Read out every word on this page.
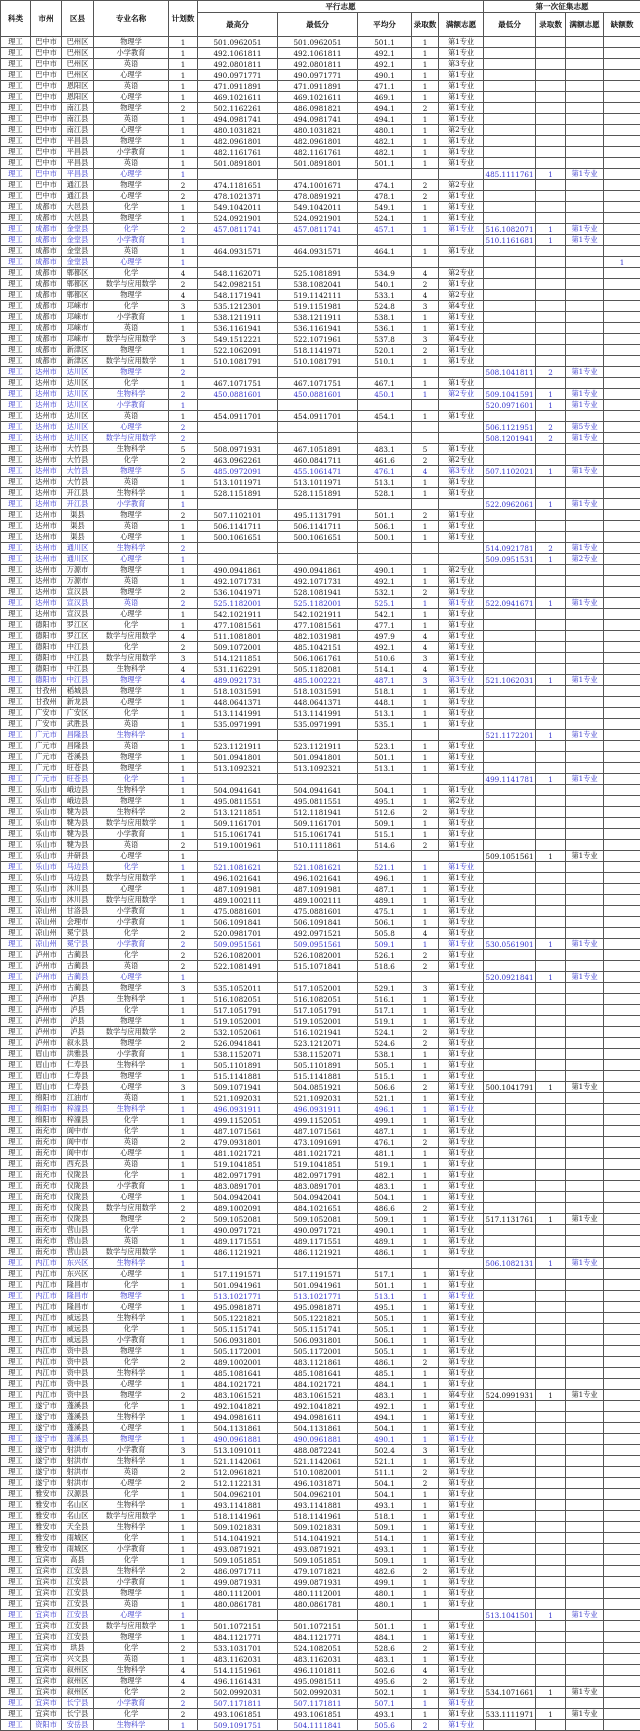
科类	市州	区县	专业名称	计划数	平行志愿					第一次征集志愿			
					最高分	最低分	平均分	录取数	满额志愿	最低分	录取数	满额志愿	缺额数
理工	巴中市	巴州区	物理学	1	501.0962051	501.0962051	501.1	1	第1专业				
理工	巴中市	巴州区	小学教育	1	492.1061811	492.1061811	492.1	1	第1专业				
理工	巴中市	巴州区	英语	1	492.0801811	492.0801811	492.1	1	第3专业				
理工	巴中市	巴州区	心理学	1	490.0971771	490.0971771	490.1	1	第1专业				
理工	巴中市	恩阳区	英语	1	471.0911891	471.0911891	471.1	1	第1专业				
理工	巴中市	恩阳区	心理学	1	469.1021611	469.1021611	469.1	1	第1专业				
理工	巴中市	南江县	物理学	2	502.1162261	486.0981821	494.1	2	第1专业				
理工	巴中市	南江县	英语	1	494.0981741	494.0981741	494.1	1	第1专业				
理工	巴中市	南江县	心理学	1	480.1031821	480.1031821	480.1	1	第2专业				
理工	巴中市	平昌县	物理学	1	482.0961801	482.0961801	482.1	1	第1专业				
理工	巴中市	平昌县	小学教育	1	482.1161761	482.1161761	482.1	1	第1专业				
理工	巴中市	平昌县	英语	1	501.0891801	501.0891801	501.1	1	第1专业				
理工	巴中市	平昌县	心理学	1						485.1111761	1	第1专业	
理工	巴中市	通江县	物理学	2	474.1181651	474.1001671	474.1	2	第2专业				
理工	巴中市	通江县	心理学	2	478.1021371	478.0891921	478.1	2	第1专业				
理工	成都市	大邑县	化学	1	549.1042011	549.1042011	549.1	1	第1专业				
理工	成都市	大邑县	物理学	1	524.0921901	524.0921901	524.1	1	第1专业				
理工	成都市	金堂县	化学	2	457.0811741	457.0811741	457.1	1	第1专业	516.1082071	1	第1专业	
理工	成都市	金堂县	小学教育	1						510.1161681	1	第1专业	
理工	成都市	金堂县	英语	1	464.0931571	464.0931571	464.1	1	第1专业				
理工	成都市	金堂县	心理学	1									1
理工	成都市	郫都区	化学	4	548.1162071	525.1081891	534.9	4	第2专业				
理工	成都市	郫都区	数学与应用数学	2	542.0982151	538.1082041	540.1	2	第1专业				
理工	成都市	郫都区	物理学	4	548.1171941	519.1142111	533.1	4	第2专业				
理工	成都市	邛崃市	化学	3	535.1212301	519.1151981	524.8	3	第4专业				
理工	成都市	邛崃市	小学教育	1	538.1211911	538.1211911	538.1	1	第1专业				
理工	成都市	邛崃市	英语	1	536.1161941	536.1161941	536.1	1	第1专业				
理工	成都市	邛崃市	数学与应用数学	3	549.1512221	522.1071961	537.8	3	第4专业				
理工	成都市	新津区	物理学	1	522.1062091	518.1141971	520.1	2	第1专业				
理工	成都市	新津区	数学与应用数学	1	510.1081791	510.1081791	510.1	1	第1专业				
理工	达州市	达川区	物理学	2						508.1041811	2	第1专业	
理工	达州市	达川区	化学	1	467.1071751	467.1071751	467.1	1	第1专业				
理工	达州市	达川区	生物科学	2	450.0881601	450.0881601	450.1	1	第2专业	509.1041591	1	第1专业	
理工	达州市	达川区	小学教育	1						520.0971601	1	第1专业	
理工	达州市	达川区	英语	1	454.0911701	454.0911701	454.1	1	第1专业				
理工	达州市	达川区	心理学	2						506.1121951	2	第5专业	
理工	达州市	达川区	数学与应用数学	2						508.1201941	2	第1专业	
理工	达州市	大竹县	生物科学	5	508.0971931	467.1051891	483.1	5	第1专业				
理工	达州市	大竹县	化学	2	463.0962261	460.0841711	461.6	2	第2专业				
理工	达州市	大竹县	物理学	5	485.0972091	455.1061471	476.1	4	第3专业	507.1102021	1	第1专业	
理工	达州市	大竹县	英语	1	513.1011971	513.1011971	513.1	1	第1专业				
理工	达州市	开江县	生物科学	1	528.1151891	528.1151891	528.1	1	第1专业				
理工	达州市	开江县	小学教育	1						522.0962061	1	第1专业	
理工	达州市	渠县	物理学	2	507.1102101	495.1131791	501.1	2	第1专业				
理工	达州市	渠县	英语	1	506.1141711	506.1141711	506.1	1	第1专业				
理工	达州市	渠县	心理学	1	500.1061651	500.1061651	500.1	1	第1专业				
理工	达州市	通川区	生物科学	2						514.0921781	2	第1专业	
理工	达州市	通川区	心理学	1						509.0951531	1	第2专业	
理工	达州市	万源市	物理学	1	490.0941861	490.0941861	490.1	1	第2专业				
理工	达州市	万源市	英语	1	492.1071731	492.1071731	492.1	1	第1专业				
理工	达州市	宣汉县	物理学	2	536.1041971	528.1081941	532.1	2	第1专业				
理工	达州市	宣汉县	英语	2	525.1182001	525.1182001	525.1	1	第1专业	522.0941671	1	第1专业	
理工	达州市	宣汉县	心理学	1	542.1021911	542.1021911	542.1	1	第1专业				
理工	德阳市	罗江区	化学	1	477.1081561	477.1081561	477.1	1	第1专业				
理工	德阳市	罗江区	数学与应用数学	4	511.1081801	482.1031981	497.9	4	第1专业				
理工	德阳市	中江县	化学	2	509.1072001	485.1042151	492.1	4	第1专业				
理工	德阳市	中江县	数学与应用数学	3	514.1211851	506.1061761	510.6	3	第1专业				
理工	德阳市	中江县	生物科学	4	531.1162291	505.1182081	514.1	4	第1专业				
理工	德阳市	中江县	物理学	4	489.0921731	485.1002221	487.1	3	第3专业	521.1062031	1	第1专业	
理工	甘孜州	稻城县	物理学	1	518.1031591	518.1031591	518.1	1	第1专业				
理工	甘孜州	新龙县	心理学	1	448.0641371	448.0641371	448.1	1	第1专业				
理工	广安市	广安区	化学	1	513.1141991	513.1141991	513.1	1	第1专业				
理工	广安市	武胜县	英语	1	535.0971991	535.0971991	535.1	1	第1专业				
理工	广元市	昌隆县	生物科学	1						521.1172201	1	第1专业	
理工	广元市	昌隆县	英语	1	523.1121911	523.1121911	523.1	1	第1专业				
理工	广元市	苍溪县	物理学	1	501.0941801	501.0941801	501.1	1	第1专业				
理工	广元市	旺苍县	物理学	1	513.1092321	513.1092321	513.1	1	第1专业				
理工	广元市	旺苍县	化学	1						499.1141781	1	第1专业	
理工	乐山市	峨边县	生物科学	1	504.0941641	504.0941641	504.1	1	第1专业				
理工	乐山市	峨边县	物理学	1	495.0811551	495.0811551	495.1	1	第2专业				
理工	乐山市	犍为县	生物科学	2	513.1211851	512.1181941	512.6	2	第1专业				
理工	乐山市	犍为县	数学与应用数学	1	509.1161701	509.1161701	509.1	1	第1专业				
理工	乐山市	犍为县	小学教育	1	515.1061741	515.1061741	515.1	1	第1专业				
理工	乐山市	犍为县	英语	2	519.1001961	510.1111861	514.6	2	第1专业				
理工	乐山市	井研县	心理学	1						509.1051561	1	第1专业	
理工	乐山市	马边县	化学	1	521.1081621	521.1081621	521.1	1	第1专业				
理工	乐山市	马边县	数学与应用数学	1	496.1021641	496.1021641	496.1	1	第1专业				
理工	乐山市	沐川县	心理学	1	487.1091981	487.1091981	487.1	1	第1专业				
理工	乐山市	沐川县	数学与应用数学	1	489.1002111	489.1002111	489.1	1	第1专业				
理工	凉山州	甘洛县	小学教育	1	475.0881601	475.0881601	475.1	1	第1专业				
理工	凉山州	会理市	小学教育	1	506.1091841	506.1091841	506.1	1	第1专业				
理工	凉山州	冕宁县	化学	2	520.0981701	492.0971521	505.8	4	第1专业				
理工	凉山州	冕宁县	小学教育	2	509.0951561	509.0951561	509.1	1	第1专业	530.0561901	1	第1专业	
理工	泸州市	古蔺县	化学	2	526.1082001	526.1082001	526.1	2	第1专业				
理工	泸州市	古蔺县	英语	2	522.1081491	515.1071841	518.6	2	第1专业				
理工	泸州市	古蔺县	心理学	1						520.0921841	1	第1专业	
理工	泸州市	古蔺县	物理学	3	535.1052011	517.1052001	529.1	3	第1专业				
理工	泸州市	泸县	生物科学	1	516.1082051	516.1082051	516.1	1	第1专业				
理工	泸州市	泸县	化学	1	517.1051791	517.1051791	517.1	1	第1专业				
理工	泸州市	泸县	物理学	1	519.1052001	519.1052001	519.1	1	第1专业				
理工	泸州市	泸县	数学与应用数学	2	532.1052061	516.1021941	524.1	2	第1专业				
理工	泸州市	叙永县	物理学	2	526.0941841	523.1212071	524.6	2	第1专业				
理工	眉山市	洪雅县	小学教育	1	538.1152071	538.1152071	538.1	1	第1专业				
理工	眉山市	仁寿县	生物科学	1	505.1101891	505.1101891	505.1	1	第1专业				
理工	眉山市	仁寿县	物理学	1	515.1141881	515.1141881	515.1	1	第1专业				
理工	眉山市	仁寿县	心理学	3	509.1071941	504.0851921	506.6	2	第1专业	500.1041791	1	第1专业	
理工	绵阳市	江油市	英语	1	521.1092031	521.1092031	521.1	1	第1专业				
理工	绵阳市	梓潼县	生物科学	1	496.0931911	496.0931911	496.1	1	第1专业				
理工	绵阳市	梓潼县	化学	1	499.1152051	499.1152051	499.1	1	第1专业				
理工	南充市	阆中市	化学	1	487.1071561	487.1071561	487.1	1	第1专业				
理工	南充市	阆中市	英语	2	479.0931801	473.1091691	476.1	2	第1专业				
理工	南充市	阆中市	心理学	1	481.1021721	481.1021721	481.1	1	第1专业				
理工	南充市	西充县	英语	1	519.1041851	519.1041851	519.1	1	第1专业				
理工	南充市	仪陇县	化学	1	482.0971791	482.0971791	482.1	1	第1专业				
理工	南充市	仪陇县	小学教育	1	483.0891701	483.0891701	483.1	1	第1专业				
理工	南充市	仪陇县	心理学	1	504.0942041	504.0942041	504.1	1	第1专业				
理工	南充市	仪陇县	数学与应用数学	2	489.1002091	484.1021651	486.6	2	第1专业				
理工	南充市	仪陇县	物理学	2	509.1052081	509.1052081	509.1	1	第1专业	517.1131761	1	第1专业	
理工	南充市	营山县	化学	1	490.0971721	490.0971721	490.1	1	第1专业				
理工	南充市	营山县	英语	1	489.1171551	489.1171551	489.1	1	第1专业				
理工	南充市	营山县	数学与应用数学	1	486.1121921	486.1121921	486.1	1	第1专业				
理工	内江市	东兴区	生物科学	1						506.1082131	1	第1专业	
理工	内江市	东兴区	心理学	1	517.1191571	517.1191571	517.1	1	第1专业				
理工	内江市	隆昌市	化学	1	501.0941961	501.0941961	501.1	1	第1专业				
理工	内江市	隆昌市	物理学	1	513.1021771	513.1021771	513.1	1	第1专业				
理工	内江市	隆昌市	心理学	1	495.0981871	495.0981871	495.1	1	第1专业				
理工	内江市	威远县	生物科学	1	505.1221821	505.1221821	505.1	1	第1专业				
理工	内江市	威远县	化学	1	505.1151741	505.1151741	505.1	1	第1专业				
理工	内江市	威远县	小学教育	1	506.0931801	506.0931801	506.1	1	第1专业				
理工	内江市	资中县	物理学	1	505.1172001	505.1172001	505.1	1	第1专业				
理工	内江市	资中县	化学	2	489.1002001	483.1121861	486.1	2	第1专业				
理工	内江市	资中县	生物科学	1	485.1081641	485.1081641	485.1	1	第1专业				
理工	内江市	资中县	心理学	1	484.1021721	484.1021721	484.1	1	第1专业				
理工	内江市	资中县	物理学	2	483.1061521	483.1061521	483.1	1	第4专业	524.0991931	1	第1专业	
理工	遂宁市	蓬溪县	化学	1	492.1041821	492.1041821	492.1	1	第1专业				
理工	遂宁市	蓬溪县	生物科学	1	494.0981611	494.0981611	494.1	1	第1专业				
理工	遂宁市	蓬溪县	心理学	1	504.1131861	504.1131861	504.1	1	第1专业				
理工	遂宁市	蓬溪县	物理学	1	490.0961881	490.0961881	490.1	1	第1专业				
理工	遂宁市	射洪市	小学教育	3	513.1091011	488.0872241	502.4	3	第1专业				
理工	遂宁市	射洪市	生物科学	1	521.1142061	521.1142061	521.1	1	第1专业				
理工	遂宁市	射洪市	英语	2	512.0961821	510.1082001	511.1	2	第1专业				
理工	遂宁市	射洪市	心理学	2	512.1122131	496.1031871	504.1	2	第1专业				
理工	雅安市	汉源县	化学	1	504.0962101	504.0962101	504.1	1	第1专业				
理工	雅安市	名山区	生物科学	1	493.1141881	493.1141881	493.1	1	第1专业				
理工	雅安市	名山区	数学与应用数学	1	518.1141961	518.1141961	518.1	1	第1专业				
理工	雅安市	天全县	生物科学	1	509.1021831	509.1021831	509.1	1	第1专业				
理工	雅安市	雨城区	化学	1	514.1041921	514.1041921	514.1	1	第1专业				
理工	雅安市	雨城区	小学教育	1	493.0871921	493.0871921	493.1	1	第1专业				
理工	宜宾市	高县	化学	1	509.1051851	509.1051851	509.1	1	第1专业				
理工	宜宾市	江安县	生物科学	2	486.0971711	479.1071821	482.6	2	第1专业				
理工	宜宾市	江安县	小学教育	1	499.0871931	499.0871931	499.1	1	第1专业				
理工	宜宾市	江安县	物理学	1	480.1112001	480.1112001	480.1	1	第1专业				
理工	宜宾市	江安县	英语	1	480.0861781	480.0861781	480.1	1	第1专业				
理工	宜宾市	江安县	心理学	1						513.1041501	1	第1专业	
理工	宜宾市	江安县	数学与应用数学	1	501.1072151	501.1072151	501.1	1	第1专业				
理工	宜宾市	江安县	物理学	1	484.1121771	484.1121771	484.1	1	第1专业				
理工	宜宾市	珙县	化学	2	533.1031701	524.1082051	528.6	2	第1专业				
理工	宜宾市	兴文县	英语	1	483.1162031	483.1162031	483.1	1	第1专业				
理工	宜宾市	叙州区	生物科学	4	514.1151961	496.1101811	502.6	4	第1专业				
理工	宜宾市	叙州区	物理学	4	496.1161431	495.0981511	495.6	2	第1专业				
理工	宜宾市	叙州区	化学	2	502.0992031	502.0992031	502.1	1	第1专业	534.1071661	1	第1专业	
理工	宜宾市	长宁县	小学教育	2	507.1171811	507.1171811	507.1	1	第1专业				
理工	宜宾市	长宁县	化学	2	493.1061851	493.1061851	493.1	1	第1专业	533.1111971	1	第1专业	
理工	资阳市	安岳县	生物科学	1	509.1091751	504.1111841	505.6	2	第1专业				
